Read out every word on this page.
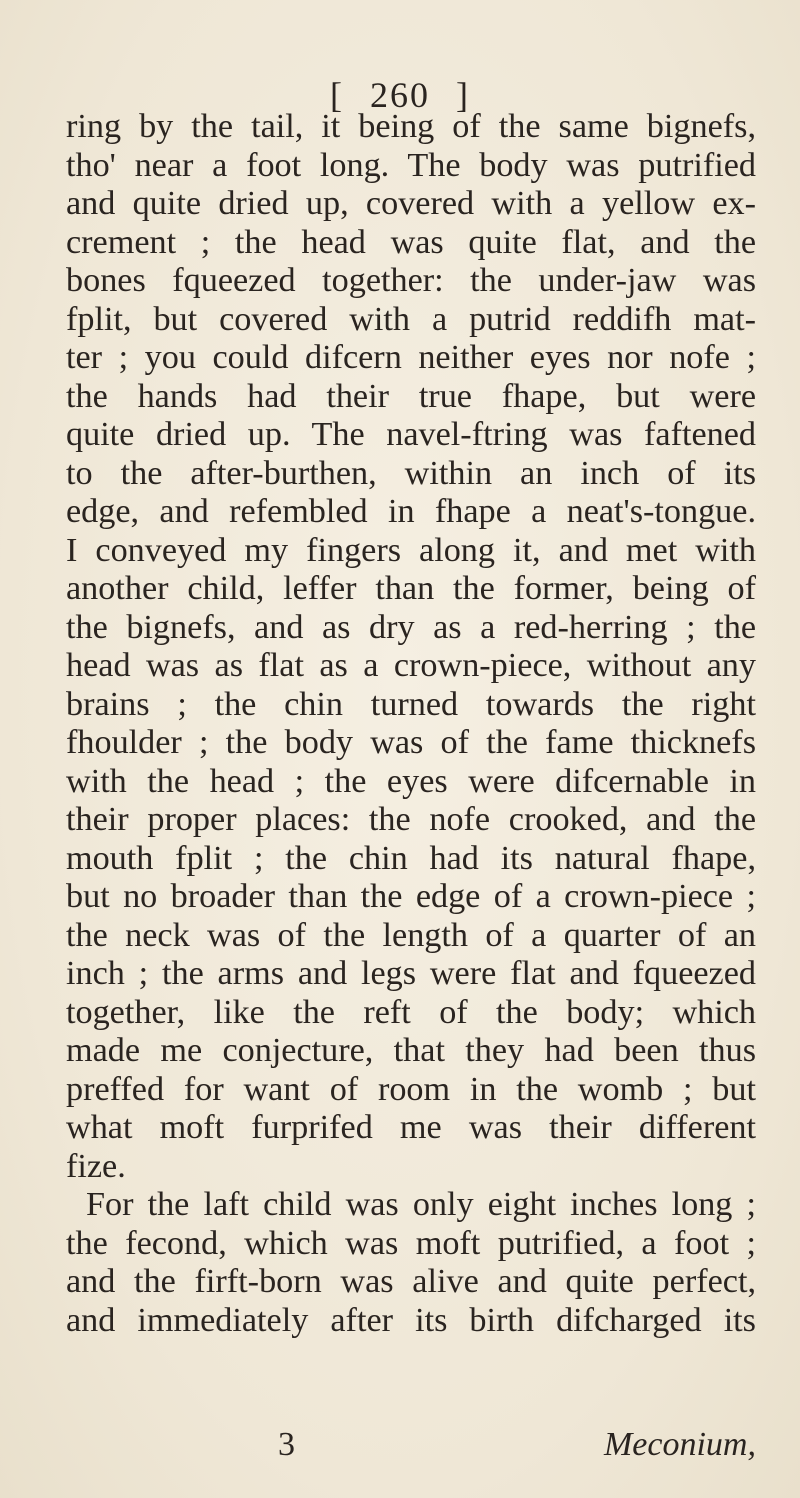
[ 260 ]
ring by the tail, it being of the same bignefs,
tho' near a foot long. The body was putrified
and quite dried up, covered with a yellow ex-
crement ; the head was quite flat, and the
bones fqueezed together: the under-jaw was
fplit, but covered with a putrid reddifh mat-
ter ; you could difcern neither eyes nor nofe ;
the hands had their true fhape, but were
quite dried up. The navel-ftring was faftened
to the after-burthen, within an inch of its
edge, and refembled in fhape a neat's-tongue.
I conveyed my fingers along it, and met with
another child, leffer than the former, being of
the bignefs, and as dry as a red-herring ; the
head was as flat as a crown-piece, without any
brains ; the chin turned towards the right
fhoulder ; the body was of the fame thicknefs
with the head ; the eyes were difcernable in
their proper places: the nofe crooked, and the
mouth fplit ; the chin had its natural fhape,
but no broader than the edge of a crown-piece ;
the neck was of the length of a quarter of an
inch ; the arms and legs were flat and fqueezed
together, like the reft of the body; which
made me conjecture, that they had been thus
preffed for want of room in the womb ; but
what moft furprifed me was their different
fize.
For the laft child was only eight inches long ;
the fecond, which was moft putrified, a foot ;
and the firft-born was alive and quite perfect,
and immediately after its birth difcharged its
3	Meconium,
